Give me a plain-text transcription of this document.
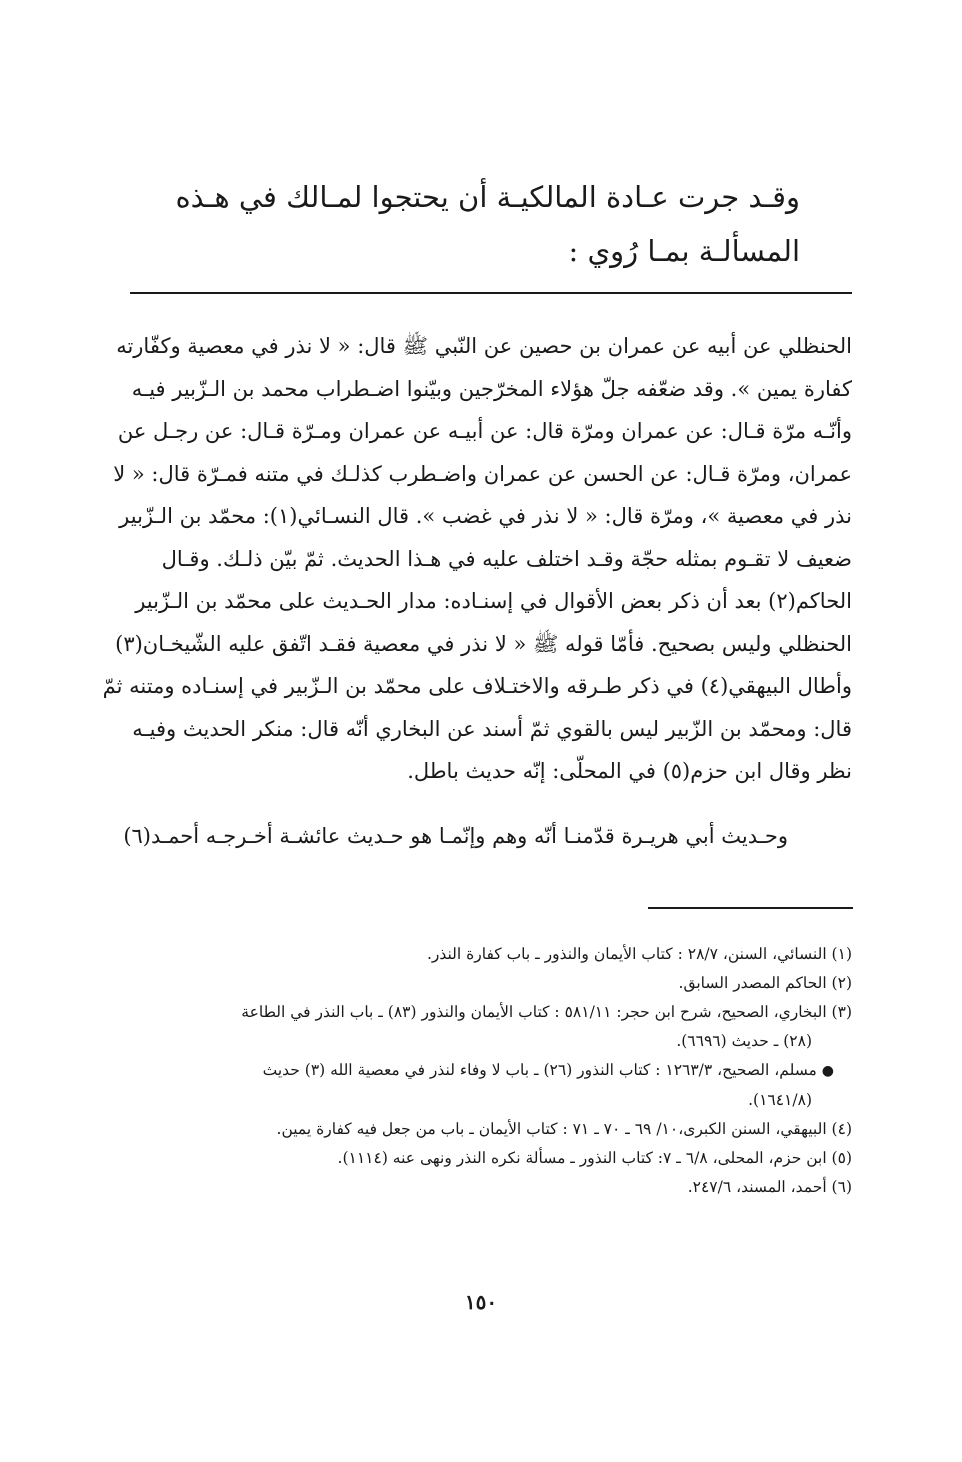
وقـد جرت عـادة المالكيـة أن يحتجوا لمـالك في هـذه المسألـة بمـا رُوي :

الحنظلي عن أبيه عن عمران بن حصين عن النّبي ﷺ قال: « لا نذر في معصية وكفّارته
كفارة يمين ». وقد ضعّفه جلّ هؤلاء المخرّجين وبيّنوا اضـطراب محمد بن الـزّبير فيـه
وأنّـه مرّة قـال: عن عمران ومرّة قال: عن أبيـه عن عمران ومـرّة قـال: عن رجـل عن
عمران، ومرّة قـال: عن الحسن عن عمران واضـطرب كذلـك في متنه فمـرّة قال: « لا
نذر في معصية »، ومرّة قال: « لا نذر في غضب ». قال النسـائي(١): محمّد بن الـزّبير
ضعيف لا تقـوم بمثله حجّة وقـد اختلف عليه في هـذا الحديث. ثمّ بيّن ذلـك. وقـال
الحاكم(٢) بعد أن ذكر بعض الأقوال في إسنـاده: مدار الحـديث على محمّد بن الـزّبير
الحنظلي وليس بصحيح. فأمّا قوله ﷺ « لا نذر في معصية فقـد اتّفق عليه الشّيخـان(٣)
وأطال البيهقي(٤) في ذكر طـرقه والاختـلاف على محمّد بن الـزّبير في إسنـاده ومتنه ثمّ
قال: ومحمّد بن الزّبير ليس بالقوي ثمّ أسند عن البخاري أنّه قال: منكر الحديث وفيـه
نظر وقال ابن حزم(٥) في المحلّى: إنّه حديث باطل.

وحـديث أبي هريـرة قدّمنـا أنّه وهم وإنّمـا هو حـديث عائشـة أخـرجـه أحمـد(٦)

(١) النسائي، السنن، ٢٨/٧ : كتاب الأيمان والنذور ـ باب كفارة النذر.
(٢) الحاكم المصدر السابق.
(٣) البخاري، الصحيح، شرح ابن حجر: ٥٨١/١١ : كتاب الأيمان والنذور (٨٣) ـ باب النذر في الطاعة
(٢٨) ـ حديث (٦٦٩٦).
● مسلم، الصحيح، ١٢٦٣/٣ : كتاب النذور (٢٦) ـ باب لا وفاء لنذر في معصية الله (٣) حديث
(١٦٤١/٨).
(٤) البيهقي، السنن الكبرى،١٠/ ٦٩ ـ ٧٠ ـ ٧١ : كتاب الأيمان ـ باب من جعل فيه كفارة يمين.
(٥) ابن حزم، المحلى، ٦/٨ ـ ٧: كتاب النذور ـ مسألة نكره النذر ونهى عنه (١١١٤).
(٦) أحمد، المسند، ٢٤٧/٦.
١٥٠
